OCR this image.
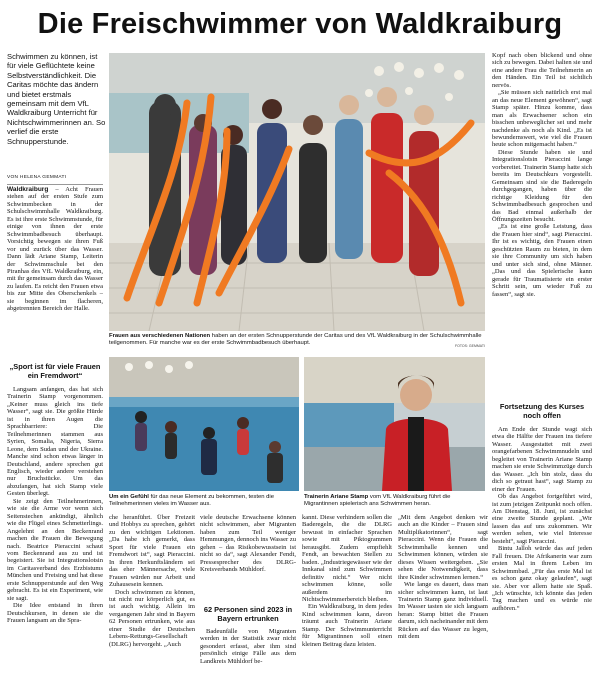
Die Freischwimmer von Waldkraiburg
Schwimmen zu können, ist für viele Geflüchtete keine Selbstverständlichkeit. Die Caritas möchte das ändern und bietet erstmals gemeinsam mit dem VfL Waldkraiburg Unterricht für Nichtschwimmerinnen an. So verlief die erste Schnupperstunde.
VON HELENA GEMMATI

Waldkraiburg – Acht Frauen stehen auf der ersten Stufe zum Schwimmbecken in der Schulschwimmhalle Waldkraiburg. Es ist ihre erste Schwimmstunde, für einige von ihnen der erste Schwimmbadbesuch überhaupt. Vorsichtig bewegen sie ihren Fuß vor und zurück über das Wasser. Dann lädt Ariane Stamp, Leiterin der Schwimmschule bei den Piranhas des VfL Waldkraiburg, ein, mit ihr gemeinsam durch das Wasser zu laufen. Es reicht den Frauen etwa bis zur Mitte des Oberschenkels – sie beginnen im flacheren, abgetrennten Bereich der Halle.

„Sport ist für viele Frauen ein Fremdwort“

Langsam anfangen, das hat sich Trainerin Stamp vorgenommen. „Keiner muss gleich ins tiefe Wasser“, sagt sie. Die größte Hürde ist in ihren Augen die Sprachbarriere: Die Teilnehmerinnen stammen aus Syrien, Somalia, Nigeria, Sierra Leone, dem Sudan und der Ukraine. Manche sind schon etwas länger in Deutschland, andere sprechen gut Englisch, wieder andere verstehen nur Bruchstücke. Um das abzufangen, hat sich Stamp viele Gesten überlegt.

Sie zeigt den Teilnehmerinnen, wie sie die Arme vor wenn sich Seitenstechen ankündigt, ähnlich wie die Flügel eines Schmetterlings. Angelehnt an den Beckenrand machen die Frauen die Bewegung nach. Beatrice Pieraccini schaut vom Beckenrand aus zu und ist begeistert. Sie ist Integrationslotsin im Caritasverband des Erzbistums München und Freising und hat diese erste Schnupperstunde auf den Weg gebracht. Es ist ein Experiment, wie sie sagt.

Die Idee entstand in ihren Deutschkursen, in denen sie die Frauen langsam an die Spra-

Frauen aus verschiedenen Nationen haben an der ersten Schnupperstunde der Caritas und des VfL Waldkraiburg in der Schulschwimmhalle teilgenommen. Für manche war es der erste Schwimmbadbesuch überhaupt.	FOTOS: GEMMATI
Um ein Gefühl für das neue Element zu bekommen, testen die Teilnehmerinnen vieles im Wasser aus.
Trainerin Ariane Stamp vom VfL Waldkraiburg führt die Migrantinnen spielerisch ans Schwimmen heran.

che heranführt. Über Freizeit und Hobbys zu sprechen, gehört zu den wichtigen Lektionen. „Da habe ich gemerkt, dass Sport für viele Frauen ein Fremdwort ist“, sagt Pieraccini. In ihren Herkunftsländern sei das eher Männersache, viele Frauen würden nur Arbeit und Zuhausesein kennen.

Doch schwimmen zu können, tut nicht nur körperlich gut, es ist auch wichtig. Allein im vergangenen Jahr sind in Bayern 62 Personen ertrunken, wie aus einer Studie der Deutschen Lebens-Rettungs-Gesellschaft (DLRG) hervorgeht. „Auch

viele deutsche Erwachsene können nicht schwimmen, aber Migranten haben zum Teil weniger Hemmungen, dennoch ins Wasser zu gehen – das Risikobewusstsein ist nicht so da“, sagt Alexander Fendt, Pressesprecher des DLRG-Kreisverbands Mühldorf.

62 Personen sind 2023 in Bayern ertrunken

Badeunfälle von Migranten werden in der Statistik zwar nicht gesondert erfasst, aber ihm sind persönlich einige Fälle aus dem Landkreis Mühldorf be-

kannt. Diese verhindern sollen die Baderegeln, die die DLRG bewusst in einfacher Sprachen sowie mit Piktogrammen herausgibt. Zudem empfiehlt Fendt, an bewachten Stellen zu baden. „Industriegewässer wie der Innkanal sind zum Schwimmen definitiv nicht.“ Wer nicht schwimmen könne, solle außerdem im Nichtschwimmerbereich bleiben.

Ein Waldkraiburg, in dem jedes Kind schwimmen kann, davon träumt auch Trainerin Ariane Stamp. Der Schwimmunterricht für Migrantinnen soll einen kleinen Beitrag dazu leisten.

„Mit dem Angebot denken wir auch an die Kinder – Frauen sind Multiplikatorinnen“, sagt Pieraccini. Wenn die Frauen die Schwimmhalle kennen und Schwimmen können, würden sie dieses Wissen weitergeben. „Sie sehen die Notwendigkeit, dass ihre Kinder schwimmen lernen.“

Wie lange es dauert, dass man sicher schwimmen kann, ist laut Trainerin Stamp ganz individuell. Im Wasser tasten sie sich langsam heran: Stamp bittet die Frauen darum, sich nacheinander mit dem Rücken auf das Wasser zu legen, mit dem

Kopf nach oben blickend und ohne sich zu bewegen. Dabei halten sie und eine andere Frau die Teilnehmerin an den Händen. Ein Teil ist sichtlich nervös.

„Sie müssen sich natürlich erst mal an das neue Element gewöhnen“, sagt Stamp später. Hinzu komme, dass man als Erwachsener schon ein bisschen unbeweglicher sei und mehr nachdenke als noch als Kind. „Es ist bewundernswert, wie viel die Frauen heute schon mitgemacht haben.“

Diese Stunde haben sie und Integrationslotsin Pieraccini lange vorbereitet. Trainerin Stamp hatte sich bereits im Deutschkurs vorgestellt. Gemeinsam sind sie die Baderegeln durchgegangen, haben über die richtige Kleidung für den Schwimmbadbesuch gesprochen und das Bad einmal außerhalb der Öffnungszeiten besucht.

„Es ist eine große Leistung, dass die Frauen hier sind“, sagt Pieraccini. Ihr ist es wichtig, den Frauen einen geschützten Raum zu bieten, in dem sie ihre Community um sich haben und unter sich sind, ohne Männer. „Das und das Spielerische kann gerade für Traumatisierte ein erster Schritt sein, um wieder Fuß zu fassen“, sagt sie.

Fortsetzung des Kurses noch offen

Am Ende der Stunde wagt sich etwa die Hälfte der Frauen ins tiefere Wasser. Ausgestattet mit zwei orangefarbenen Schwimmnudeln und begleitet von Trainerin Ariane Stamp machen sie erste Schwimmzüge durch das Wasser. „Ich bin stolz, dass du dich so getraut hast“, sagt Stamp zu einer der Frauen.

Ob das Angebot fortgeführt wird, ist zum jetzigen Zeitpunkt noch offen. Am Dienstag, 18. Juni, ist zunächst eine zweite Stunde geplant. „Wir lassen das auf uns zukommen. Wir werden sehen, wie viel Interesse besteht“, sagt Pieraccini.

Bintu Jalloh würde das auf jeden Fall freuen. Die Afrikanerin war zum ersten Mal in ihrem Leben im Schwimmbad. „Für das erste Mal ist es schon ganz okay gelaufen“, sagt sie. Aber vor allem hatte sie Spaß. „Ich wünschte, ich könnte das jeden Tag machen und es würde nie aufhören.“
